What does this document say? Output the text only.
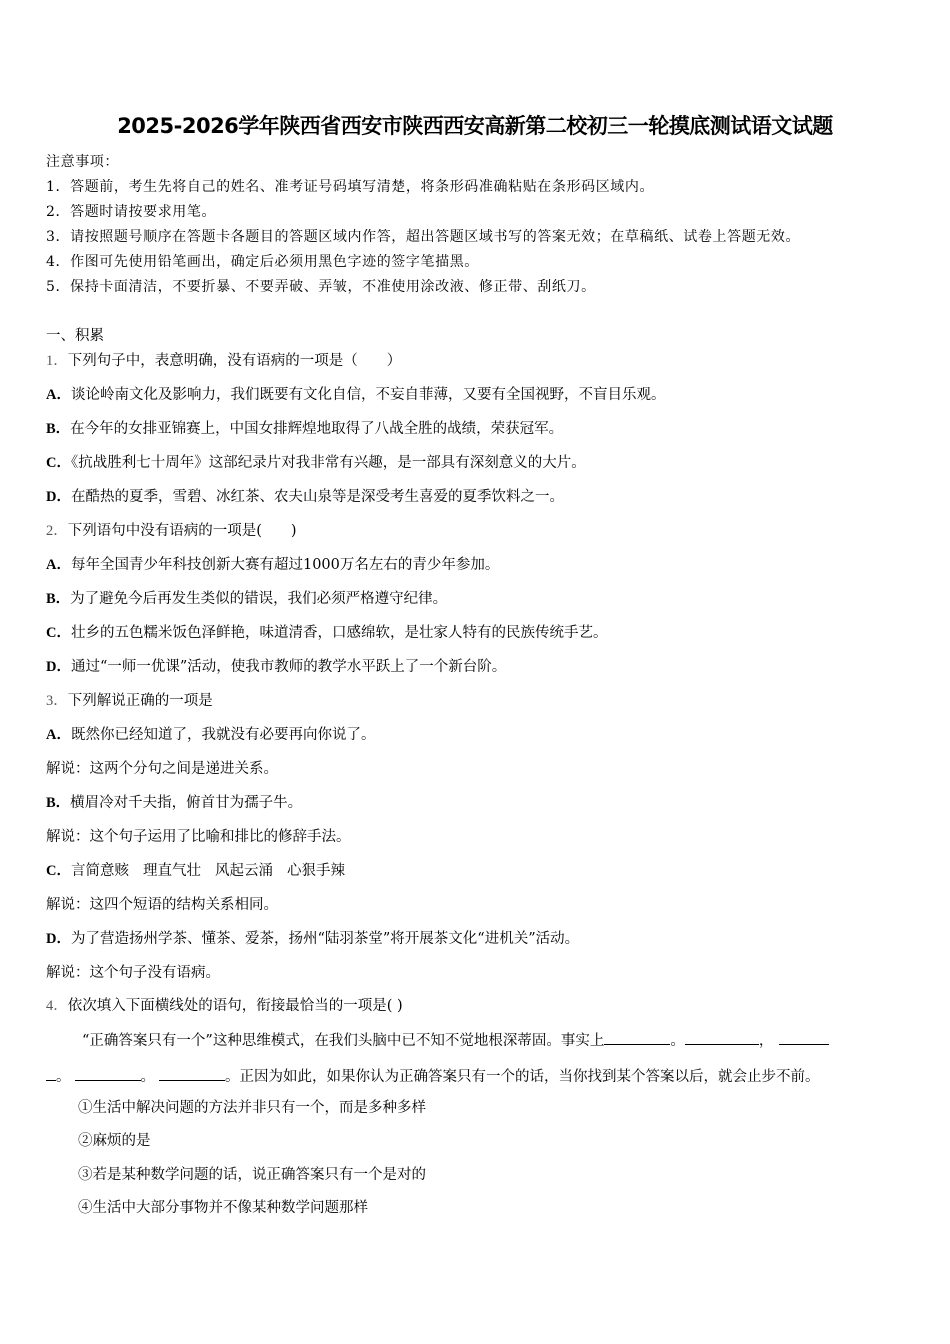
2025-2026学年陕西省西安市陕西西安高新第二校初三一轮摸底测试语文试题
注意事项：
1．答题前，考生先将自己的姓名、准考证号码填写清楚，将条形码准确粘贴在条形码区域内。
2．答题时请按要求用笔。
3．请按照题号顺序在答题卡各题目的答题区域内作答，超出答题区域书写的答案无效；在草稿纸、试卷上答题无效。
4．作图可先使用铅笔画出，确定后必须用黑色字迹的签字笔描黑。
5．保持卡面清洁，不要折暴、不要弄破、弄皱，不准使用涂改液、修正带、刮纸刀。
一、积累
1．下列句子中，表意明确，没有语病的一项是（　　）
A．谈论岭南文化及影响力，我们既要有文化自信，不妄自菲薄，又要有全国视野，不盲目乐观。
B．在今年的女排亚锦赛上，中国女排辉煌地取得了八战全胜的战绩，荣获冠军。
C．《抗战胜利七十周年》这部纪录片对我非常有兴趣，是一部具有深刻意义的大片。
D．在酷热的夏季，雪碧、冰红茶、农夫山泉等是深受考生喜爱的夏季饮料之一。
2．下列语句中没有语病的一项是(　　)
A．每年全国青少年科技创新大赛有超过1000万名左右的青少年参加。
B．为了避免今后再发生类似的错误，我们必须严格遵守纪律。
C．壮乡的五色糯米饭色泽鲜艳，味道清香，口感绵软，是壮家人特有的民族传统手艺。
D．通过“一师一优课”活动，使我市教师的教学水平跃上了一个新台阶。
3．下列解说正确的一项是
A．既然你已经知道了，我就没有必要再向你说了。
解说：这两个分句之间是递进关系。
B．横眉冷对千夫指，俯首甘为孺子牛。
解说：这个句子运用了比喻和排比的修辞手法。
C．言简意赅 理直气壮 风起云涌 心狠手辣
解说：这四个短语的结构关系相同。
D．为了营造扬州学茶、懂茶、爱茶，扬州“陆羽茶堂”将开展茶文化“进机关”活动。
解说：这个句子没有语病。
4．依次填入下面横线处的语句，衔接最恰当的一项是( )
“正确答案只有一个”这种思维模式，在我们头脑中已不知不觉地根深蒂固。事实上	。	，
。	。	。正因为如此，如果你认为正确答案只有一个的话，当你找到某个答案以后，就会止步不前。
①生活中解决问题的方法并非只有一个，而是多种多样
②麻烦的是
③若是某种数学问题的话，说正确答案只有一个是对的
④生活中大部分事物并不像某种数学问题那样
